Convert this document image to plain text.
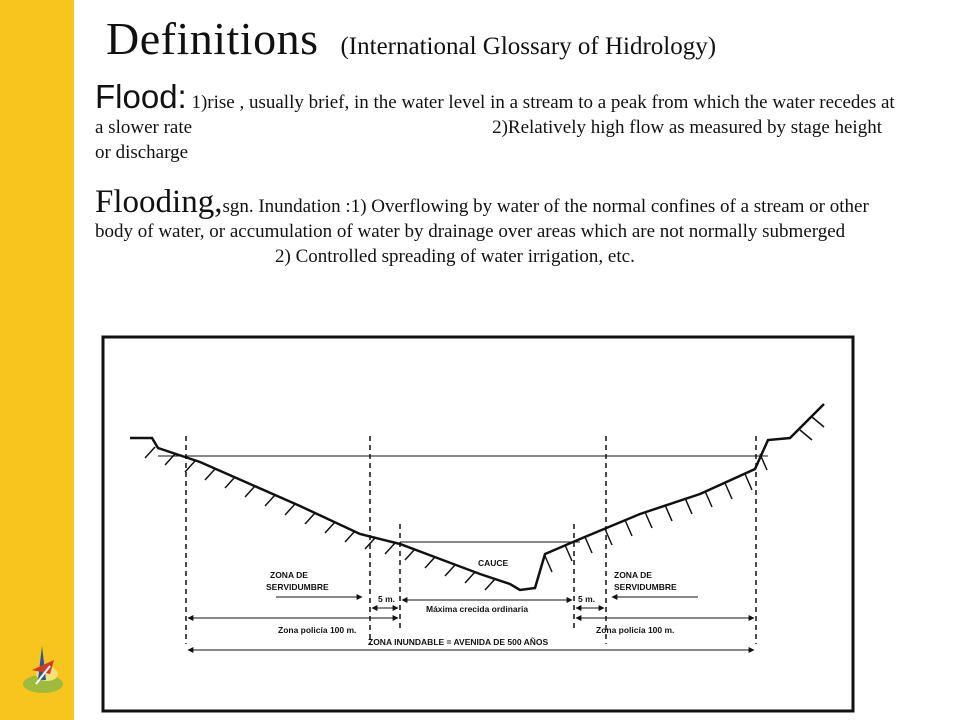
Definitions (International Glossary of Hidrology)
Flood: 1)rise , usually brief, in the water level in a stream to a peak from which the water recedes at a slower rate	2)Relatively high flow as measured by stage height or discharge
Flooding,sgn. Inundation :1) Overflowing by water of the normal confines of a stream or other body of water, or accumulation of water by drainage over areas which are not normally submerged2) Controlled spreading of water irrigation, etc.
CAUCE
ZONA DE
SERVIDUMBRE
5 m.
ZONA DE
SERVIDUMBRE
5 m.
Máxima crecida ordinaria
Zona policía 100 m.	Zona policía 100 m.
ZONA INUNDABLE = AVENIDA DE 500 AÑOS
